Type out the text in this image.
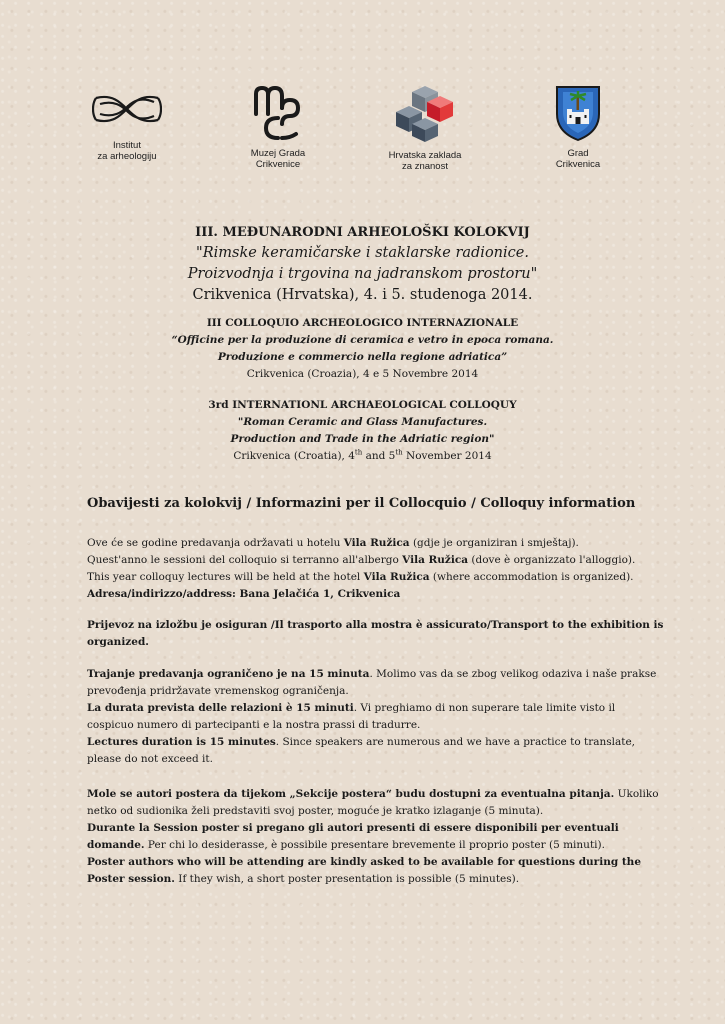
Institut
za arheologiju	Muzej Grada
Crikvenice
Hrvatska zaklada
za znanost
Grad
Crikvenica
III. MEĐUNARODNI ARHEOLOŠKI KOLOKVIJ
"Rimske keramičarske i staklarske radionice.
Proizvodnja i trgovina na jadranskom prostoru"
Crikvenica (Hrvatska), 4. i 5. studenoga 2014.
III COLLOQUIO ARCHEOLOGICO INTERNAZIONALE
“Officine per la produzione di ceramica e vetro in epoca romana.
Produzione e commercio nella regione adriatica”
Crikvenica (Croazia), 4 e 5 Novembre 2014
3rd INTERNATIONL ARCHAEOLOGICAL COLLOQUY
"Roman Ceramic and Glass Manufactures.
Production and Trade in the Adriatic region"
Crikvenica (Croatia), 4th and 5th November 2014
Obavijesti za kolokvij / Informazini per il Collocquio / Colloquy information
Ove će se godine predavanja održavati u hotelu Vila Ružica (gdje je organiziran i smještaj).
Quest'anno le sessioni del colloquio si terranno all'albergo Vila Ružica (dove è organizzato l'alloggio).
This year colloquy lectures will be held at the hotel Vila Ružica (where accommodation is organized).
Adresa/indirizzo/address: Bana Jelačića 1, Crikvenica
Prijevoz na izložbu je osiguran /Il trasporto alla mostra è assicurato/Transport to the exhibition is
organized.
Trajanje predavanja ograničeno je na 15 minuta. Molimo vas da se zbog velikog odaziva i naše prakse
prevođenja pridržavate vremenskog ograničenja.
La durata prevista delle relazioni è 15 minuti. Vi preghiamo di non superare tale limite visto il
cospicuo numero di partecipanti e la nostra prassi di tradurre.
Lectures duration is 15 minutes. Since speakers are numerous and we have a practice to translate,
please do not exceed it.
Mole se autori postera da tijekom „Sekcije postera“ budu dostupni za eventualna pitanja. Ukoliko
netko od sudionika želi predstaviti svoj poster, moguće je kratko izlaganje (5 minuta).
Durante la Session poster si pregano gli autori presenti di essere disponibili per eventuali
domande. Per chi lo desiderasse, è possibile presentare brevemente il proprio poster (5 minuti).
Poster authors who will be attending are kindly asked to be available for questions during the
Poster session. If they wish, a short poster presentation is possible (5 minutes).
